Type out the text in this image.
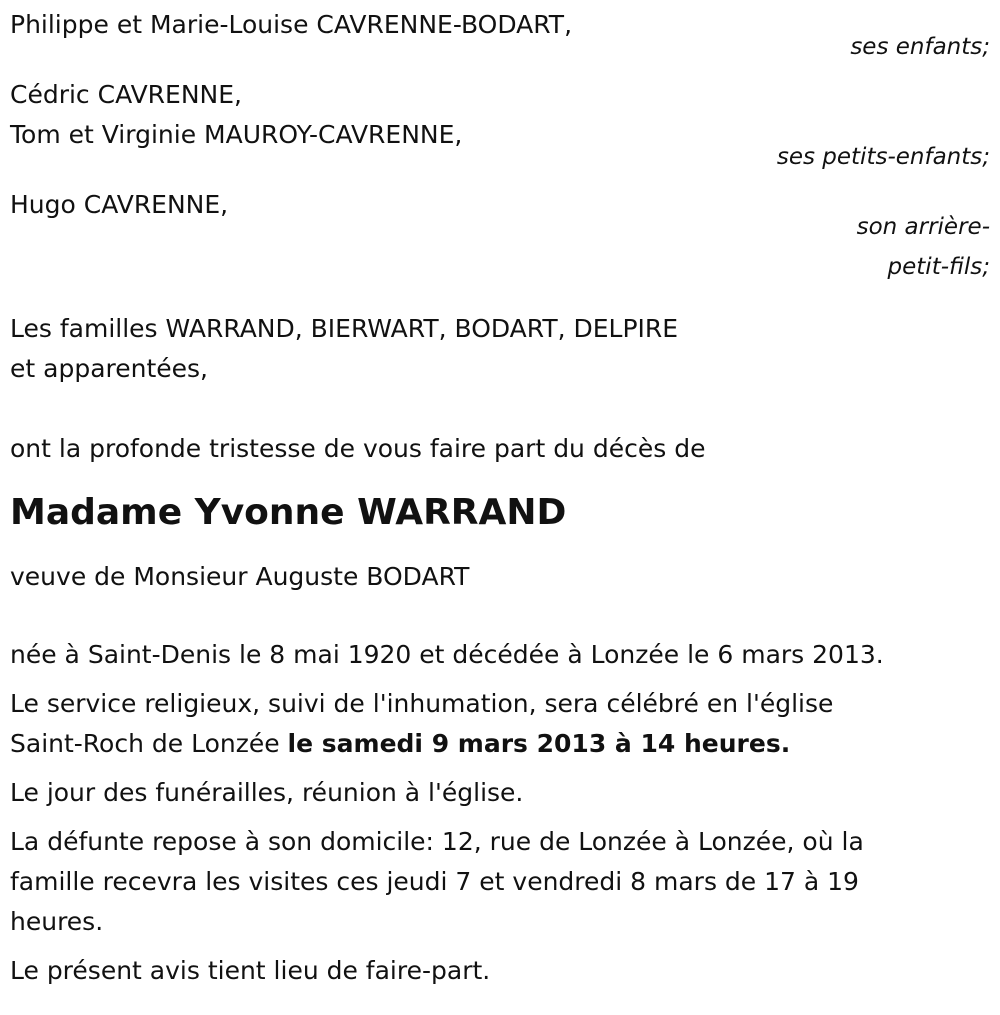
Philippe et Marie-Louise CAVRENNE-BODART,
ses enfants;
Cédric CAVRENNE,
Tom et Virginie MAUROY-CAVRENNE,
ses petits-enfants;
Hugo CAVRENNE,
son arrière-
petit-fils;
Les familles WARRAND, BIERWART, BODART, DELPIRE
et apparentées,
ont la profonde tristesse de vous faire part du décès de
Madame Yvonne WARRAND
veuve de Monsieur Auguste BODART
née à Saint-Denis le 8 mai 1920 et décédée à Lonzée le 6 mars 2013.
Le service religieux, suivi de l'inhumation, sera célébré en l'église
Saint-Roch de Lonzée le samedi 9 mars 2013 à 14 heures.
Le jour des funérailles, réunion à l'église.
La défunte repose à son domicile: 12, rue de Lonzée à Lonzée, où la
famille recevra les visites ces jeudi 7 et vendredi 8 mars de 17 à 19
heures.
Le présent avis tient lieu de faire-part.
